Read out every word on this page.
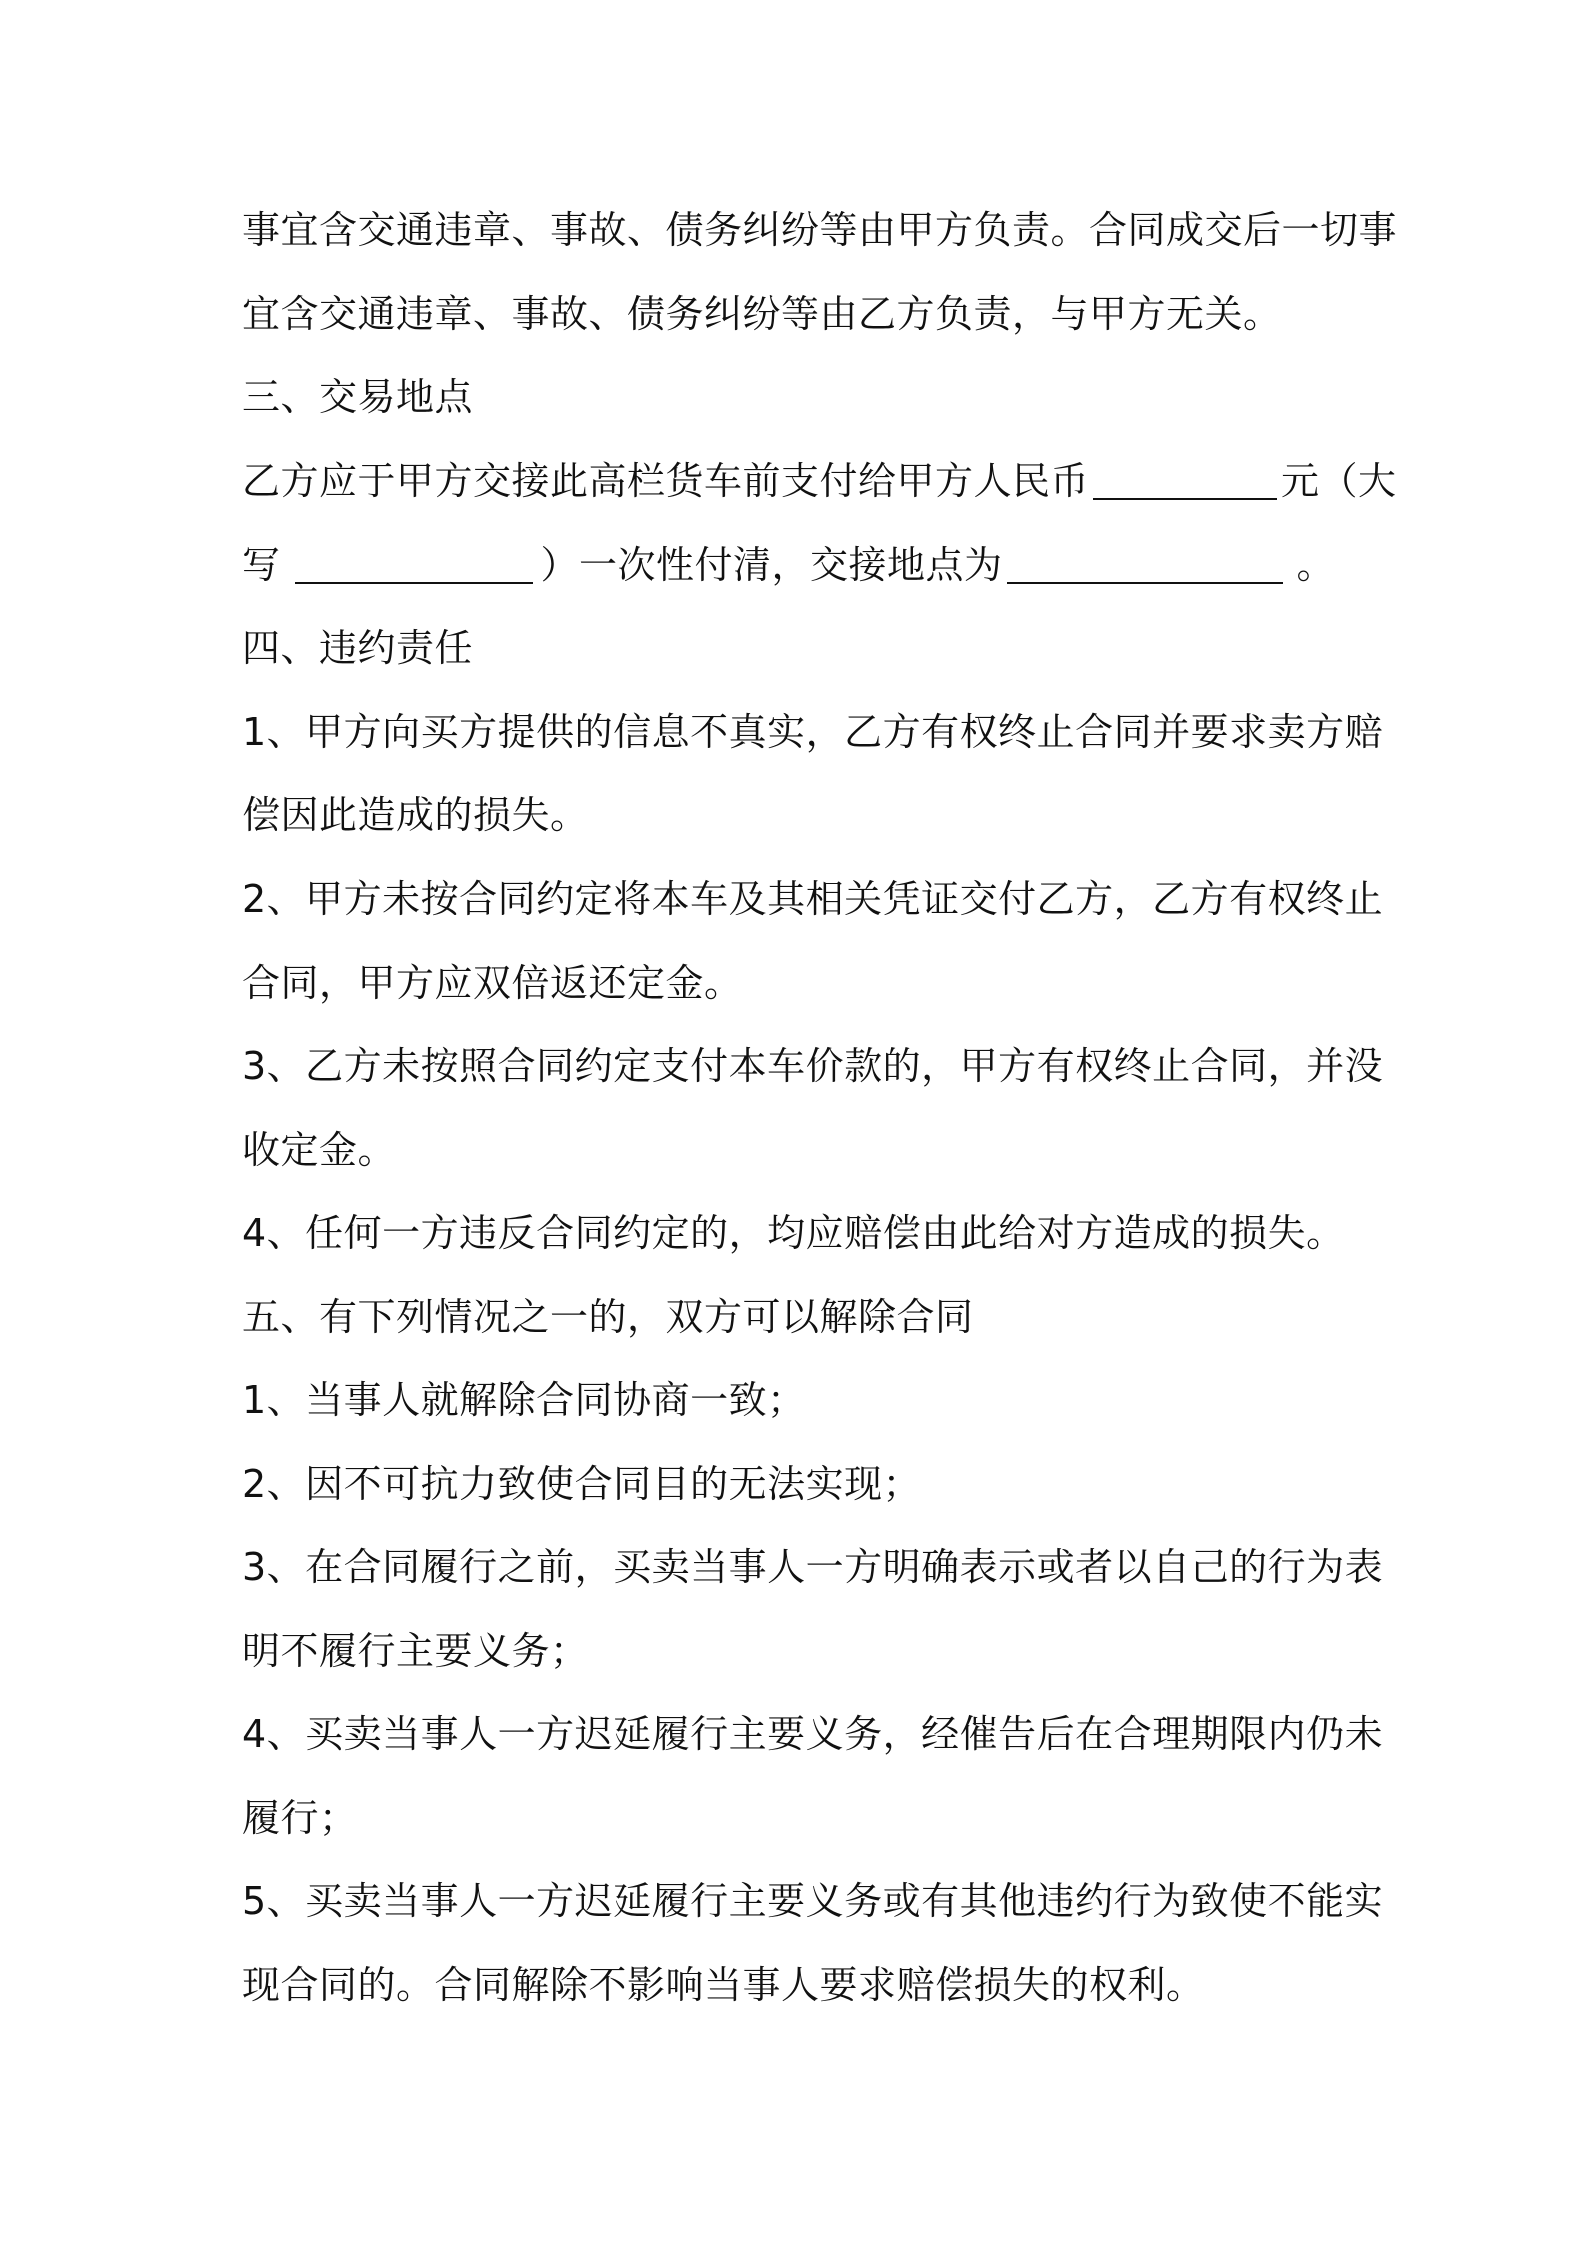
事宜含交通违章、事故、债务纠纷等由甲方负责。合同成交后一切事
宜含交通违章、事故、债务纠纷等由乙方负责，与甲方无关。
三、交易地点
乙方应于甲方交接此高栏货车前支付给甲方人民币	元（大
写	）一次性付清，交接地点为	。
四、违约责任
1、甲方向买方提供的信息不真实，乙方有权终止合同并要求卖方赔
偿因此造成的损失。
2、甲方未按合同约定将本车及其相关凭证交付乙方，乙方有权终止
合同，甲方应双倍返还定金。
3、乙方未按照合同约定支付本车价款的，甲方有权终止合同，并没
收定金。
4、任何一方违反合同约定的，均应赔偿由此给对方造成的损失。
五、有下列情况之一的，双方可以解除合同
1、当事人就解除合同协商一致；
2、因不可抗力致使合同目的无法实现；
3、在合同履行之前，买卖当事人一方明确表示或者以自己的行为表
明不履行主要义务；
4、买卖当事人一方迟延履行主要义务，经催告后在合理期限内仍未
履行；
5、买卖当事人一方迟延履行主要义务或有其他违约行为致使不能实
现合同的。合同解除不影响当事人要求赔偿损失的权利。
